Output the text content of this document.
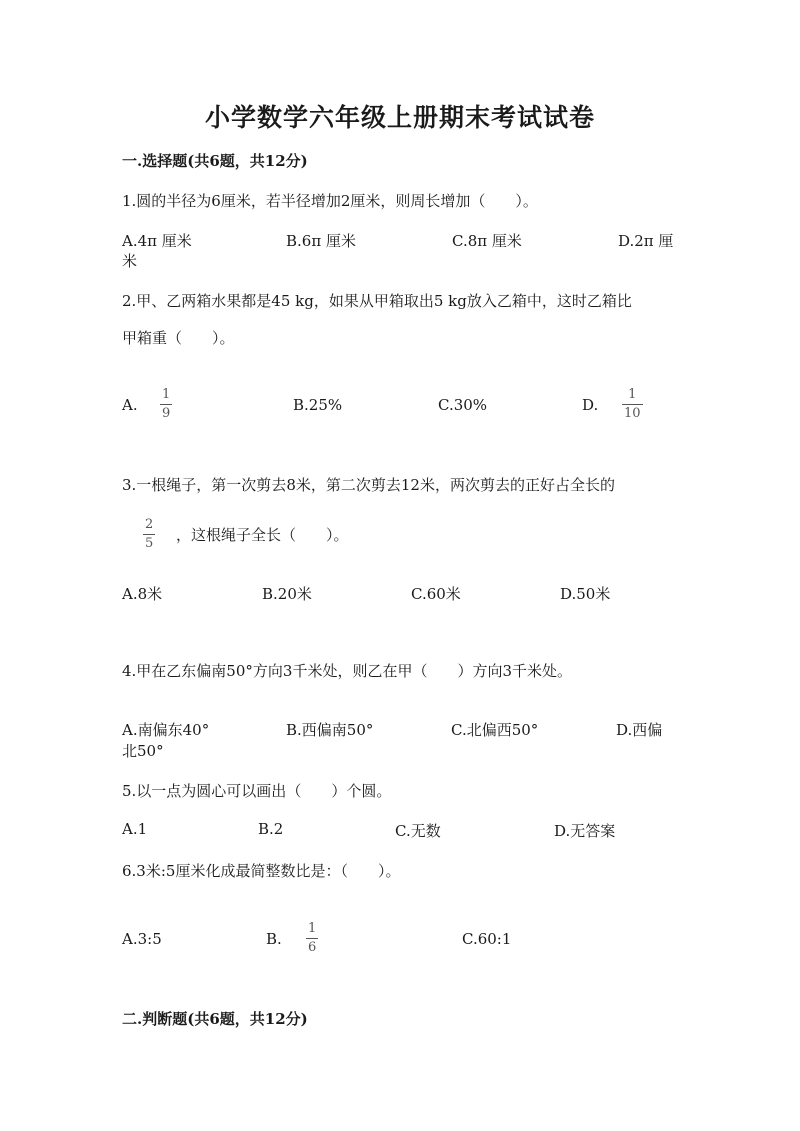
小学数学六年级上册期末考试试卷
一.选择题(共6题，共12分)
1.圆的半径为6厘米，若半径增加2厘米，则周长增加（　　）。
A.4π 厘米	B.6π 厘米	C.8π 厘米	D.2π 厘
米
2.甲、乙两箱水果都是45 kg，如果从甲箱取出5 kg放入乙箱中，这时乙箱比
甲箱重（　　）。
A.
1
9	B.25%	C.30%	D.
1
10
3.一根绳子，第一次剪去8米，第二次剪去12米，两次剪去的正好占全长的
2
5 ，这根绳子全长（　　）。
A.8米	B.20米	C.60米	D.50米
4.甲在乙东偏南50°方向3千米处，则乙在甲（　　）方向3千米处。
A.南偏东40°	B.西偏南50°	C.北偏西50°	D.西偏
北50°
5.以一点为圆心可以画出（　　）个圆。
A.1	B.2	C.无数	D.无答案
6.3米:5厘米化成最简整数比是：（　　）。
A.3:5	B.
1
6	C.60:1
二.判断题(共6题，共12分)
